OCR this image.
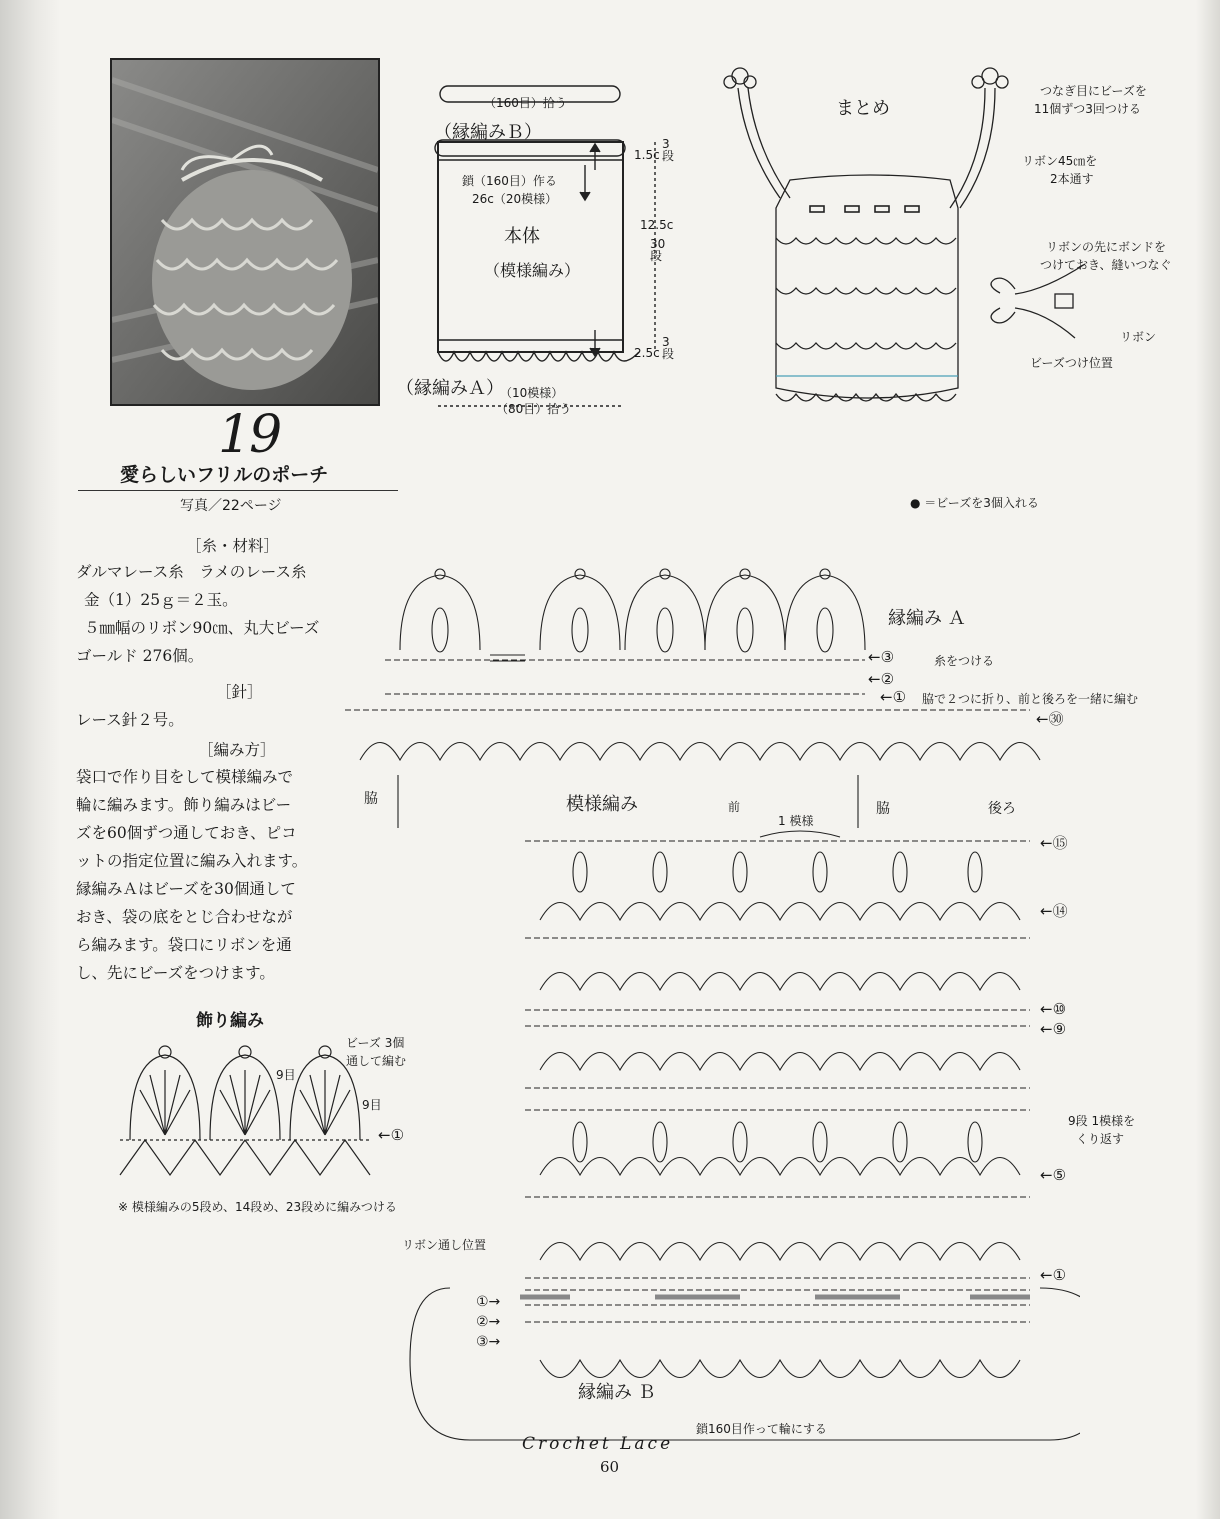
19
愛らしいフリルのポーチ
写真／22ページ
［糸・材料］
ダルマレース糸　ラメのレース糸
金（1）25ｇ＝２玉。
５㎜幅のリボン90㎝、丸大ビーズ
ゴールド 276個。
［針］
レース針２号。
［編み方］
袋口で作り目をして模様編みで
輪に編みます。飾り編みはビー
ズを60個ずつ通しておき、ピコ
ットの指定位置に編み入れます。
縁編みＡはビーズを30個通して
おき、袋の底をとじ合わせなが
ら編みます。袋口にリボンを通
し、先にビーズをつけます。
飾り編み
ビーズ 3個
通して編む
9目
9目
←①
※ 模様編みの5段め、14段め、23段めに編みつける
（160目）拾う
（縁編みＢ）
鎖（160目）作る
26c（20模様）
本体
（模様編み）
1.5c
3段
12.5c
30段
2.5c
3段
（縁編みＡ）
（10模様）
（80目）拾う
まとめ
つなぎ目にビーズを
11個ずつ3回つける
リボン45㎝を
2本通す
リボンの先にボンドを
つけておき、縫いつなぐ
リボン
ビーズつけ位置
● ＝ビーズを3個入れる
縁編み Ａ
糸をつける
脇で２つに折り、前と後ろを一緒に編む
←③
←②
←①
←㉚
脇	模様編み	前
1 模様
脇	後ろ
←⑮
←⑭
←⑩
←⑨
9段 1模様を
くり返す
←⑤
←①
リボン通し位置
①→
②→
③→
縁編み Ｂ
鎖160目作って輪にする
Crochet Lace
60
